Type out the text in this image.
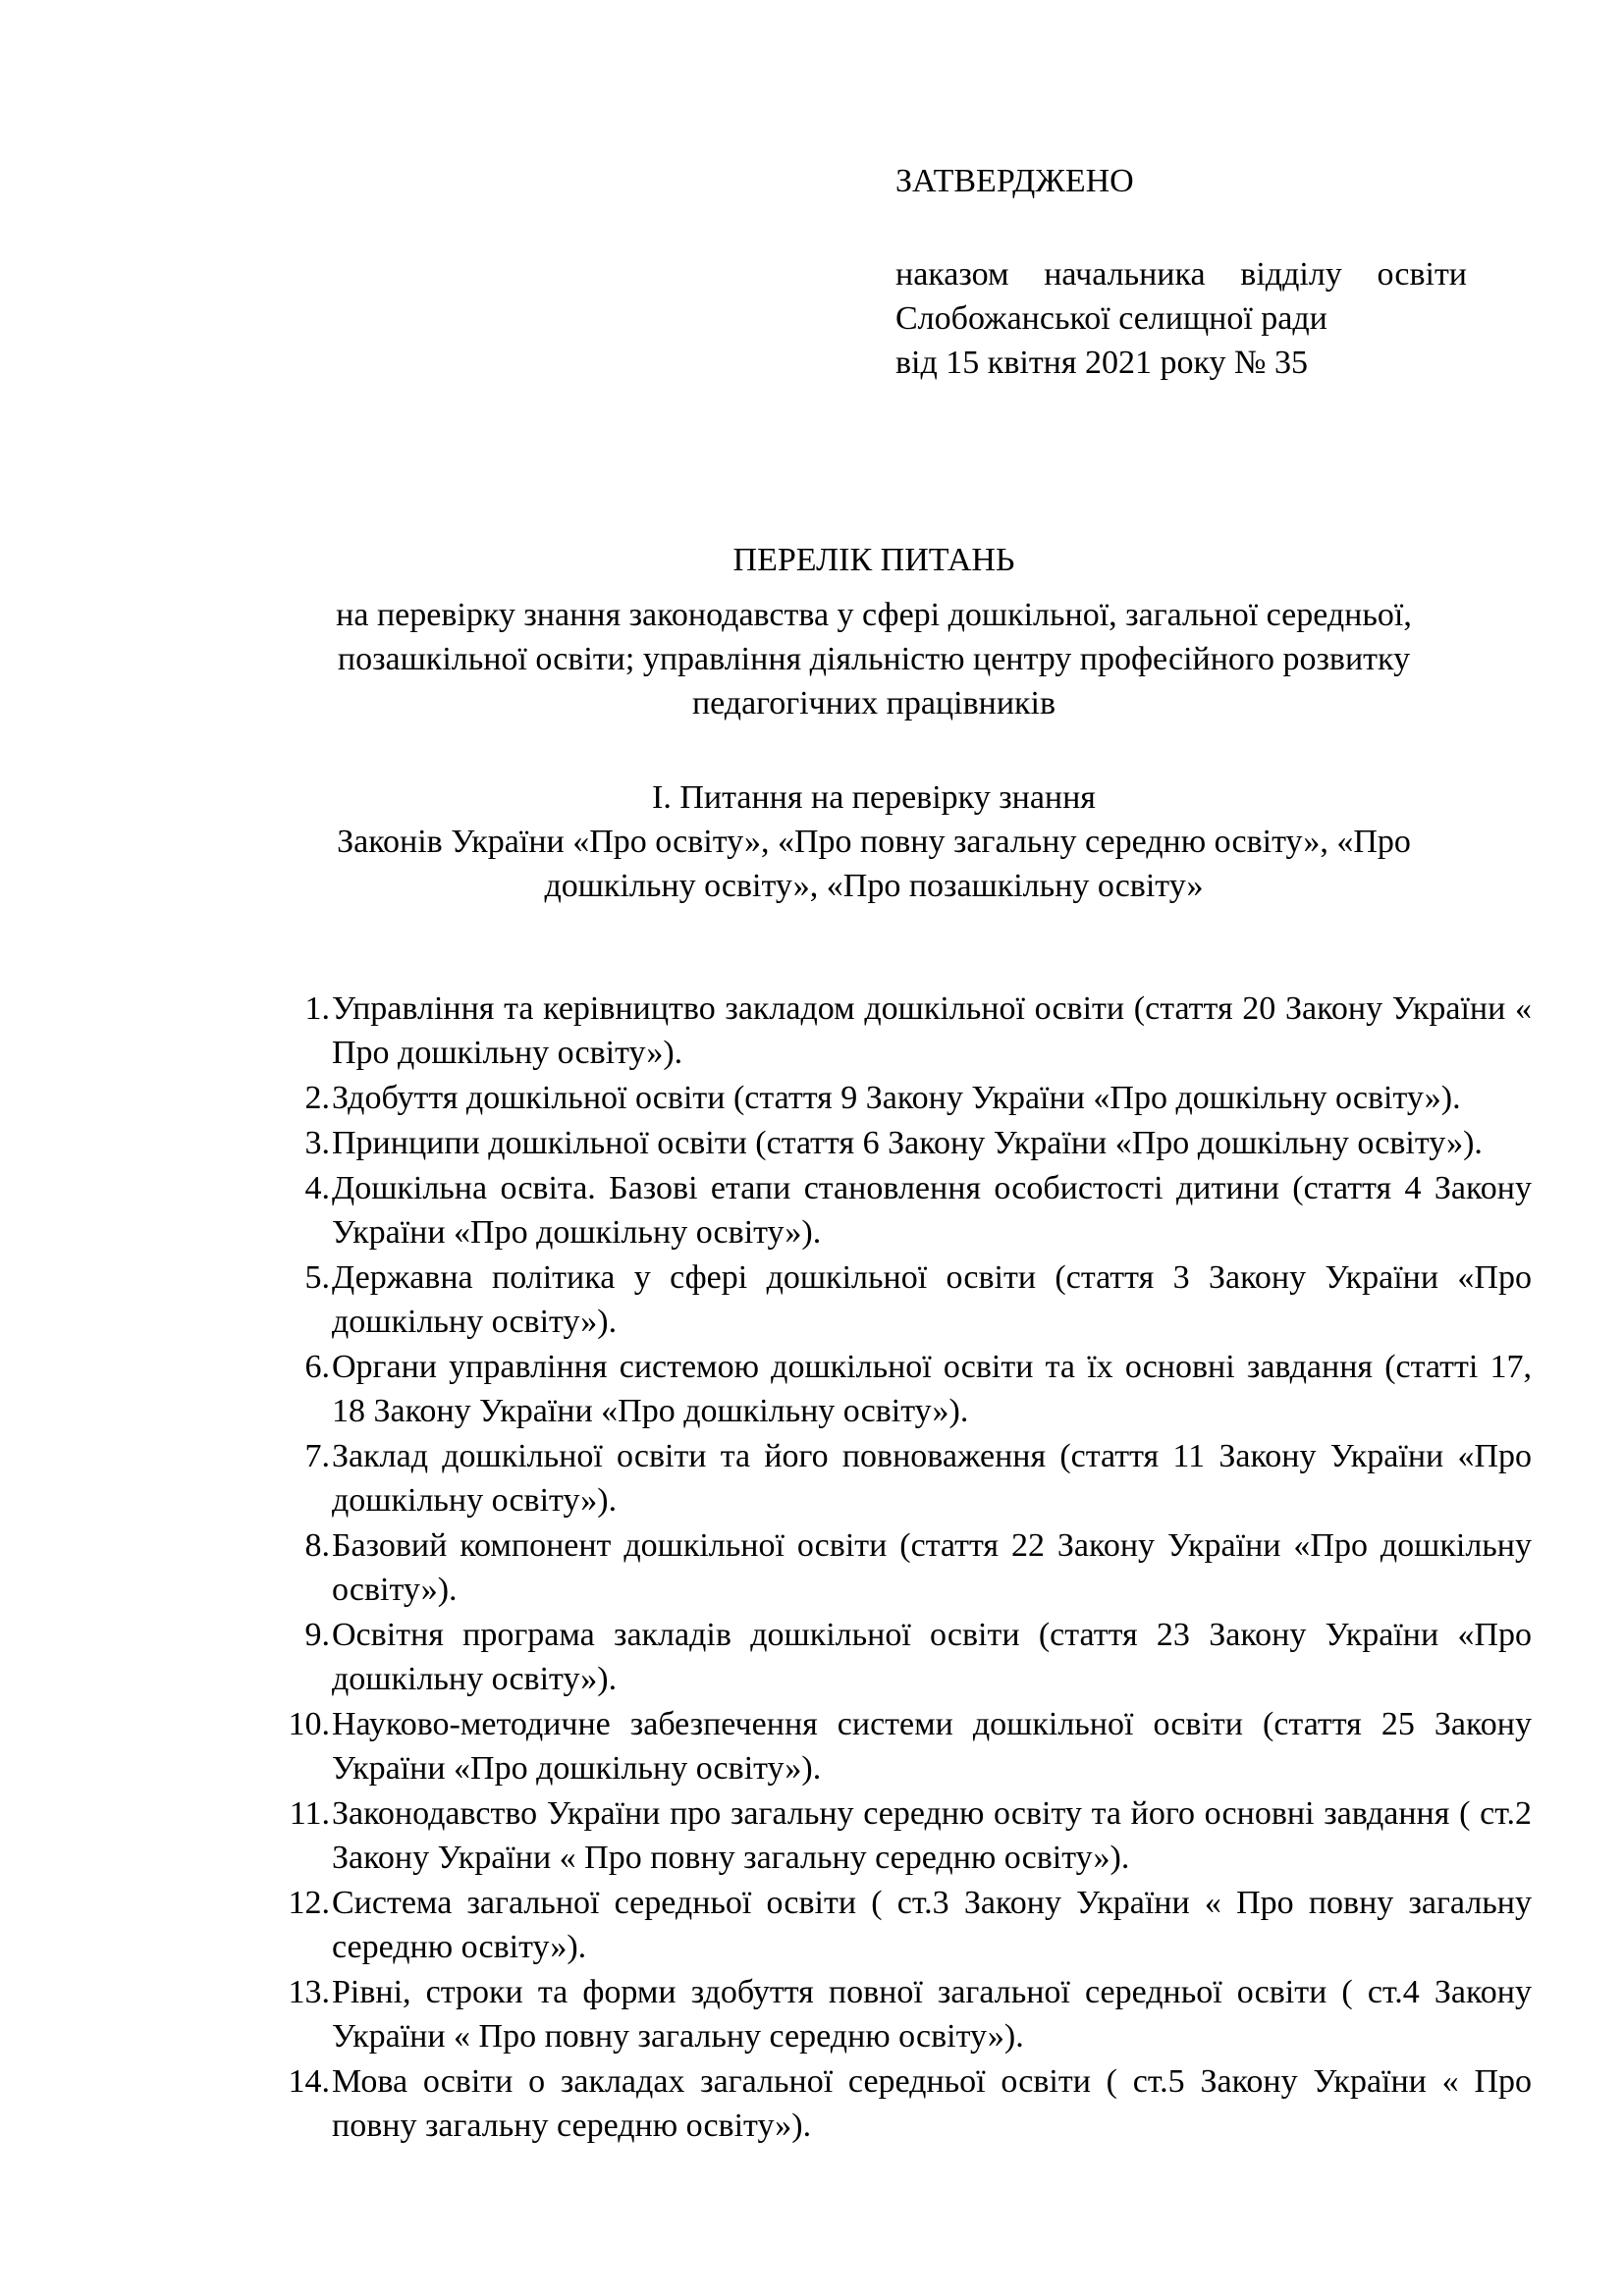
ЗАТВЕРДЖЕНО
наказом начальника відділу освіти
Слобожанської селищної ради
від 15 квітня 2021 року № 35
ПЕРЕЛІК ПИТАНЬ
на перевірку знання законодавства у сфері дошкільної, загальної середньої,
позашкільної освіти; управління діяльністю центру професійного розвитку
педагогічних працівників
І. Питання на перевірку знання
Законів України «Про освіту», «Про повну загальну середню освіту», «Про
дошкільну освіту», «Про позашкільну освіту»
1. Управління та керівництво закладом дошкільної освіти (стаття 20 Закону України « Про дошкільну освіту»).
2. Здобуття дошкільної освіти (стаття 9 Закону України «Про дошкільну освіту»).
3. Принципи дошкільної освіти (стаття 6 Закону України «Про дошкільну освіту»).
4. Дошкільна освіта. Базові етапи становлення особистості дитини (стаття 4 Закону України «Про дошкільну освіту»).
5. Державна політика у сфері дошкільної освіти (стаття 3 Закону України «Про дошкільну освіту»).
6. Органи управління системою дошкільної освіти та їх основні завдання (статті 17, 18 Закону України «Про дошкільну освіту»).
7. Заклад дошкільної освіти та його повноваження (стаття 11 Закону України «Про дошкільну освіту»).
8. Базовий компонент дошкільної освіти (стаття 22 Закону України «Про дошкільну освіту»).
9. Освітня програма закладів дошкільної освіти (стаття 23 Закону України «Про дошкільну освіту»).
10. Науково-методичне забезпечення системи дошкільної освіти (стаття 25 Закону України «Про дошкільну освіту»).
11. Законодавство України про загальну середню освіту та його основні завдання ( ст.2 Закону України « Про повну загальну середню освіту»).
12. Система загальної середньої освіти ( ст.3 Закону України « Про повну загальну середню освіту»).
13. Рівні, строки та форми здобуття повної загальної середньої освіти ( ст.4 Закону України « Про повну загальну середню освіту»).
14. Мова освіти о закладах загальної середньої освіти ( ст.5 Закону України « Про повну загальну середню освіту»).
